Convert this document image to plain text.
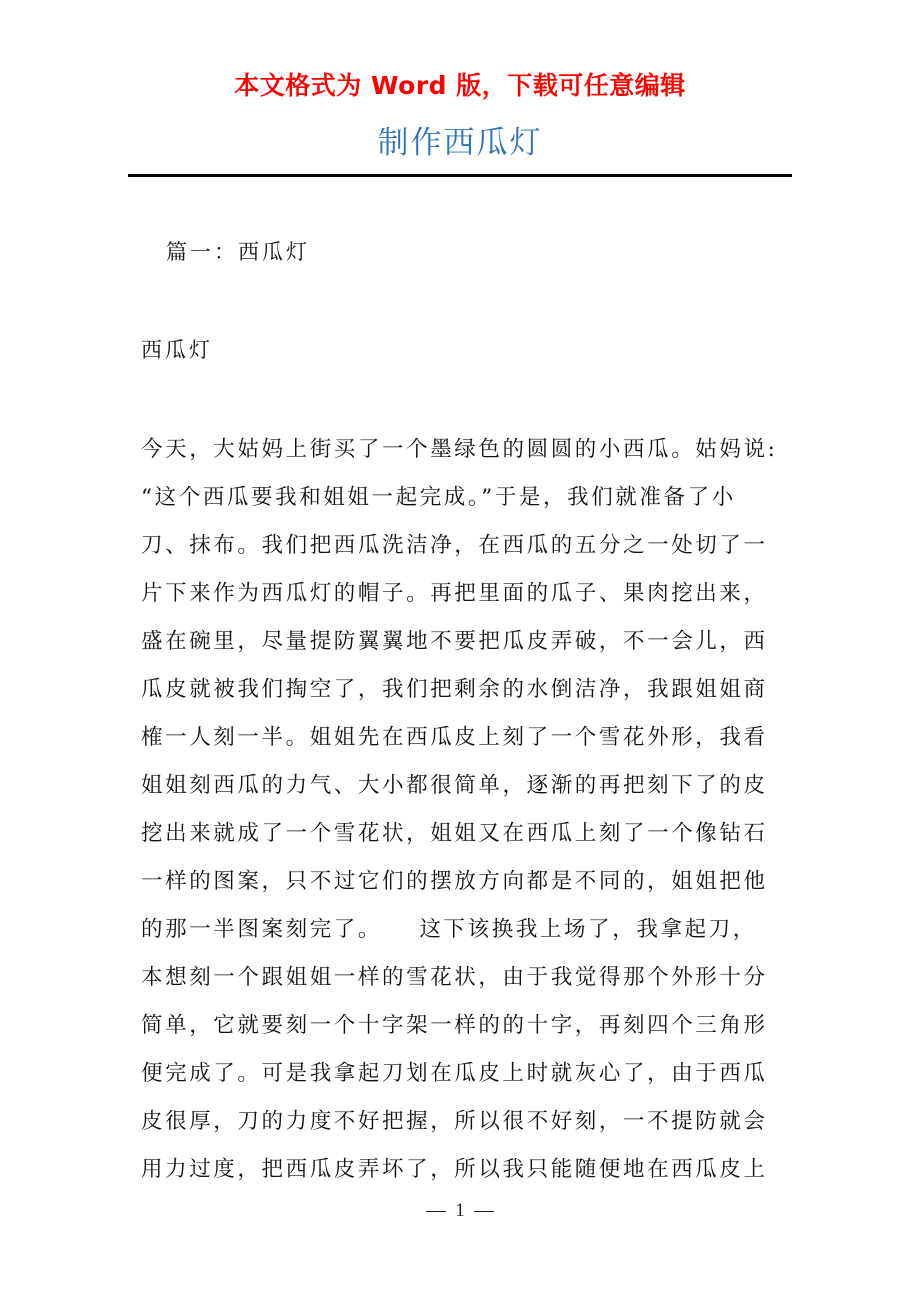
本文格式为 Word 版，下载可任意编辑
制作西瓜灯
篇一：西瓜灯
西瓜灯
今天，大姑妈上街买了一个墨绿色的圆圆的小西瓜。姑妈说:
“这个西瓜要我和姐姐一起完成。”于是，我们就准备了小
刀、抹布。我们把西瓜洗洁净，在西瓜的五分之一处切了一
片下来作为西瓜灯的帽子。再把里面的瓜子、果肉挖出来，
盛在碗里，尽量提防翼翼地不要把瓜皮弄破，不一会儿，西
瓜皮就被我们掏空了，我们把剩余的水倒洁净，我跟姐姐商
榷一人刻一半。姐姐先在西瓜皮上刻了一个雪花外形，我看
姐姐刻西瓜的力气、大小都很简单，逐渐的再把刻下了的皮
挖出来就成了一个雪花状，姐姐又在西瓜上刻了一个像钻石
一样的图案，只不过它们的摆放方向都是不同的，姐姐把他
的那一半图案刻完了。　　这下该换我上场了，我拿起刀，
本想刻一个跟姐姐一样的雪花状，由于我觉得那个外形十分
简单，它就要刻一个十字架一样的的十字，再刻四个三角形
便完成了。可是我拿起刀划在瓜皮上时就灰心了，由于西瓜
皮很厚，刀的力度不好把握，所以很不好刻，一不提防就会
用力过度，把西瓜皮弄坏了，所以我只能随便地在西瓜皮上
1
